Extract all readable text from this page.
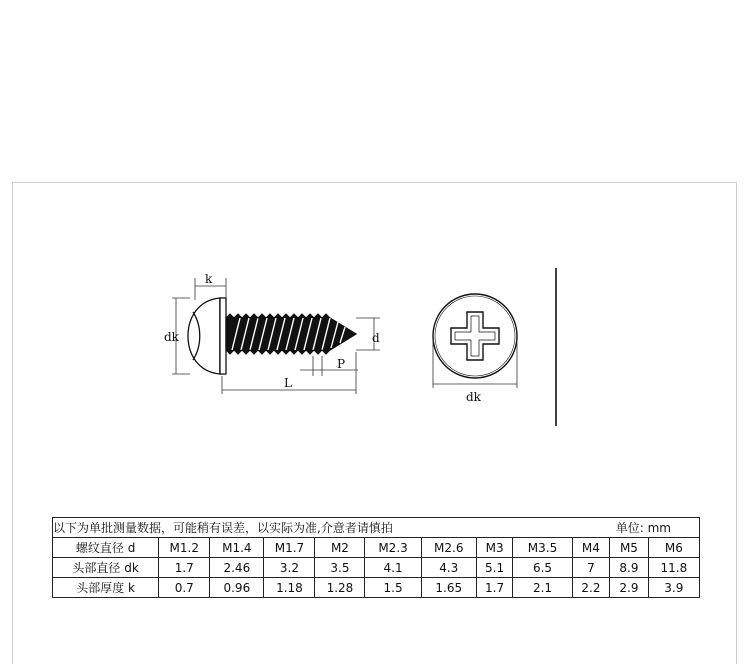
k
dk	d
P
L
dk
以下为单批测量数据，可能稍有误差，以实际为准,介意者请慎拍 单位: mm											

螺纹直径 d	M1.2	M1.4	M1.7	M2	M2.3	M2.6	M3	M3.5	M4	M5	M6
头部直径 dk	1.7	2.46	3.2	3.5	4.1	4.3	5.1	6.5	7	8.9	11.8
头部厚度 k	0.7	0.96	1.18	1.28	1.5	1.65	1.7	2.1	2.2	2.9	3.9
